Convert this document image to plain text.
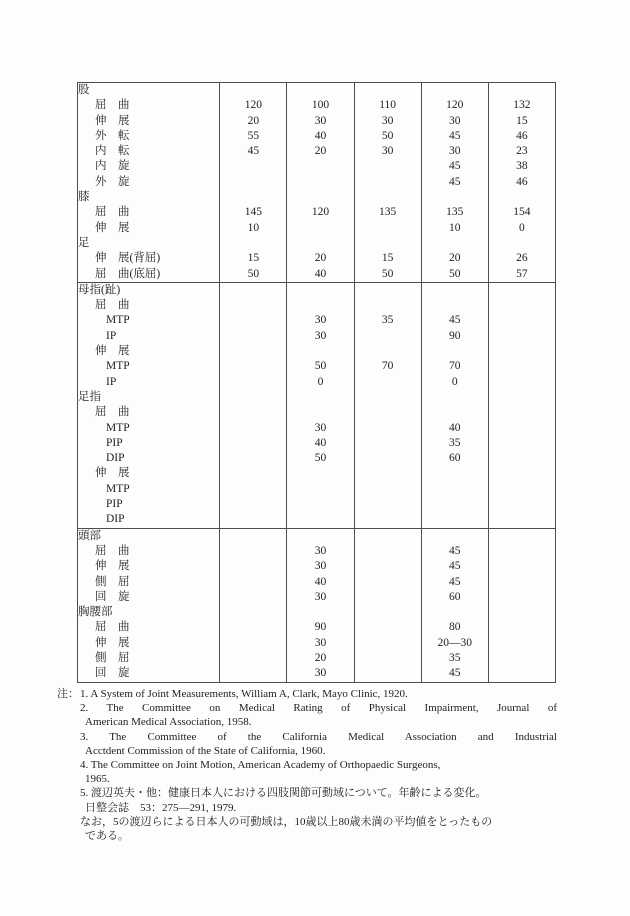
股					
屈　曲	120	100	110	120	132
伸　展	20	30	30	30	15
外　転	55	40	50	45	46
内　転	45	20	30	30	23
内　旋				45	38
外　旋				45	46
膝					
屈　曲	145	120	135	135	154
伸　展	10			10	0
足					
伸　展(背屈)	15	20	15	20	26
屈　曲(底屈)	50	40	50	50	57
母指(趾)					
屈　曲					
MTP		30	35	45	
IP		30		90	
伸　展					
MTP		50	70	70	
IP		0		0	
足指					
屈　曲					
MTP		30		40	
PIP		40		35	
DIP		50		60	
伸　展					
MTP					
PIP					
DIP					
頭部					
屈　曲		30		45	
伸　展		30		45	
側　屈		40		45	
回　旋		30		60	
胸腰部					
屈　曲		90		80	
伸　展		30		20—30	
側　屈		20		35	
回　旋		30		45	
注： 1. A System of Joint Measurements, William A, Clark, Mayo Clinic, 1920.
2. The Committee on Medical Rating of Physical Impairment, Journal of
American Medical Association, 1958.
3. The Committee of the California Medical Association and Industrial
Acctdent Commission of the State of California, 1960.
4. The Committee on Joint Motion, American Academy of Orthopaedic Surgeons,
1965.
5. 渡辺英夫・他：健康日本人における四肢関節可動域について。年齢による変化。
日整会誌　53：275—291, 1979.
なお，5の渡辺らによる日本人の可動域は，10歳以上80歳未満の平均値をとったもの
である。
